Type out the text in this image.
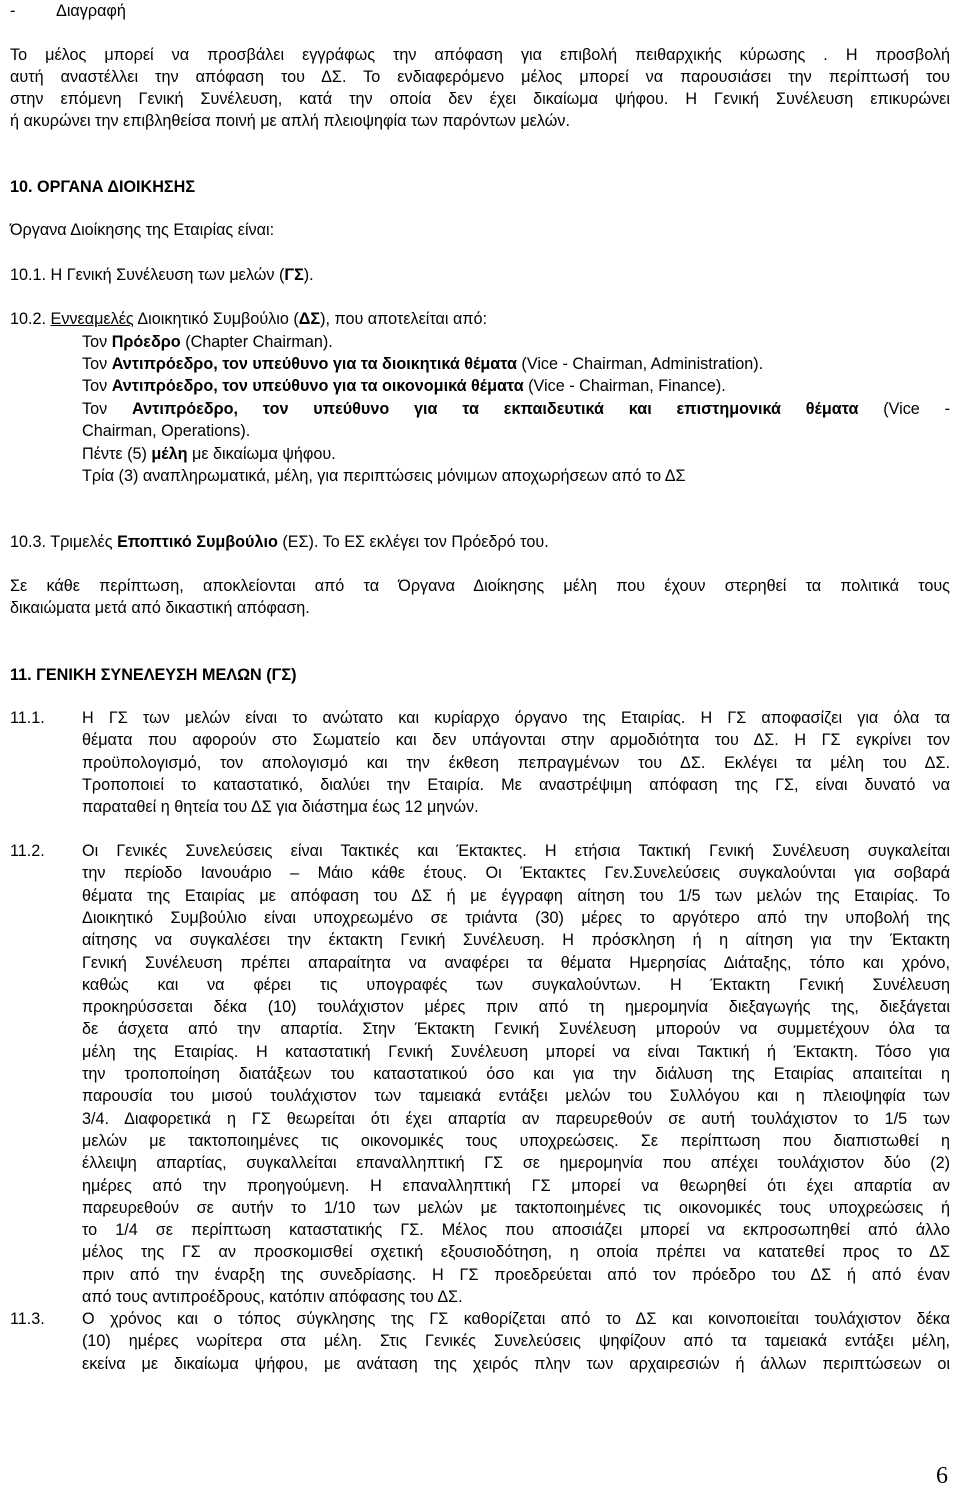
-	Διαγραφή
Το μέλος μπορεί να προσβάλει εγγράφως την απόφαση για επιβολή πειθαρχικής κύρωσης . Η προσβολή
αυτή αναστέλλει την απόφαση του ΔΣ. Το ενδιαφερόμενο μέλος μπορεί να παρουσιάσει την περίπτωσή του
στην επόμενη Γενική Συνέλευση, κατά την οποία δεν έχει δικαίωμα ψήφου. Η Γενική Συνέλευση επικυρώνει
ή ακυρώνει την επιβληθείσα ποινή με απλή πλειοψηφία των παρόντων μελών.
10. ΟΡΓΑΝΑ ΔΙΟΙΚΗΣΗΣ
Όργανα Διοίκησης της Εταιρίας είναι:
10.1. Η Γενική Συνέλευση των μελών (ΓΣ).
10.2. Εννεαμελές Διοικητικό Συμβούλιο (ΔΣ), που αποτελείται από:
Τον Πρόεδρο (Chapter Chairman).
Τον Αντιπρόεδρο, τον υπεύθυνο για τα διοικητικά θέματα (Vice - Chairman, Administration).
Τον Αντιπρόεδρο, τον υπεύθυνο για τα οικονομικά θέματα (Vice - Chairman, Finance).
Τον Αντιπρόεδρο, τον υπεύθυνο για τα εκπαιδευτικά και επιστημονικά θέματα (Vice -
Chairman, Operations).
Πέντε (5) μέλη με δικαίωμα ψήφου.
Τρία (3) αναπληρωματικά, μέλη, για περιπτώσεις μόνιμων αποχωρήσεων από το ΔΣ
10.3. Τριμελές Εποπτικό Συμβούλιο (ΕΣ). Το ΕΣ εκλέγει τον Πρόεδρό του.
Σε κάθε περίπτωση, αποκλείονται από τα Όργανα Διοίκησης μέλη που έχουν στερηθεί τα πολιτικά τους
δικαιώματα μετά από δικαστική απόφαση.
11. ΓΕΝΙΚΗ ΣΥΝΕΛΕΥΣΗ ΜΕΛΩΝ (ΓΣ)
11.1.	Η ΓΣ των μελών είναι το ανώτατο και κυρίαρχο όργανο της Εταιρίας. Η ΓΣ αποφασίζει για όλα τα
θέματα που αφορούν στο Σωματείο και δεν υπάγονται στην αρμοδιότητα του ΔΣ. Η ΓΣ εγκρίνει τον
προϋπολογισμό, τον απολογισμό και την έκθεση πεπραγμένων του ΔΣ. Εκλέγει τα μέλη του ΔΣ.
Τροποποιεί το καταστατικό, διαλύει την Εταιρία. Με αναστρέψιμη απόφαση της ΓΣ, είναι δυνατό να
παραταθεί η θητεία του ΔΣ για διάστημα έως 12 μηνών.
11.2.	Οι Γενικές Συνελεύσεις είναι Τακτικές και Έκτακτες. Η ετήσια Τακτική Γενική Συνέλευση συγκαλείται
την περίοδο Ιανουάριο – Μάιο κάθε έτους. Οι Έκτακτες Γεν.Συνελεύσεις συγκαλούνται για σοβαρά
θέματα της Εταιρίας με απόφαση του ΔΣ ή με έγγραφη αίτηση του 1/5 των μελών της Εταιρίας. Το
Διοικητικό Συμβούλιο είναι υποχρεωμένο σε τριάντα (30) μέρες το αργότερο από την υποβολή της
αίτησης να συγκαλέσει την έκτακτη Γενική Συνέλευση. Η πρόσκληση ή η αίτηση για την Έκτακτη
Γενική Συνέλευση πρέπει απαραίτητα να αναφέρει τα θέματα Ημερησίας Διάταξης, τόπο και χρόνο,
καθώς και να φέρει τις υπογραφές των συγκαλούντων. Η Έκτακτη Γενική Συνέλευση
προκηρύσσεται δέκα (10) τουλάχιστον μέρες πριν από τη ημερομηνία διεξαγωγής της, διεξάγεται
δε άσχετα από την απαρτία. Στην Έκτακτη Γενική Συνέλευση μπορούν να συμμετέχουν όλα τα
μέλη της Εταιρίας. Η καταστατική Γενική Συνέλευση μπορεί να είναι Τακτική ή Έκτακτη. Τόσο για
την τροποποίηση διατάξεων του καταστατικού όσο και για την διάλυση της Εταιρίας απαιτείται η
παρουσία του μισού τουλάχιστον των ταμειακά εντάξει μελών του Συλλόγου και η πλειοψηφία των
3/4. Διαφορετικά η ΓΣ θεωρείται ότι έχει απαρτία αν παρευρεθούν σε αυτή τουλάχιστον το 1/5 των
μελών με τακτοποιημένες τις οικονομικές τους υποχρεώσεις. Σε περίπτωση που διαπιστωθεί η
έλλειψη απαρτίας, συγκαλλείται επαναλληπτική ΓΣ σε ημερομηνία που απέχει τουλάχιστον δύο (2)
ημέρες από την προηγούμενη. Η επαναλληπτική ΓΣ μπορεί να θεωρηθεί ότι έχει απαρτία αν
παρευρεθούν σε αυτήν το 1/10 των μελών με τακτοποιημένες τις οικονομικές τους υποχρεώσεις ή
το 1/4 σε περίπτωση καταστατικής ΓΣ. Μέλος που αποσιάζει μπορεί να εκπροσωπηθεί από άλλο
μέλος της ΓΣ αν προσκομισθεί σχετική εξουσιοδότηση, η οποία πρέπει να κατατεθεί προς το ΔΣ
πριν από την έναρξη της συνεδρίασης. Η ΓΣ προεδρεύεται από τον πρόεδρο του ΔΣ ή από έναν
από τους αντιπροέδρους, κατόπιν απόφασης του ΔΣ.
11.3.	Ο χρόνος και ο τόπος σύγκλησης της ΓΣ καθορίζεται από το ΔΣ και κοινοποιείται τουλάχιστον δέκα
(10) ημέρες νωρίτερα στα μέλη. Στις Γενικές Συνελεύσεις ψηφίζουν από τα ταμειακά εντάξει μέλη,
εκείνα με δικαίωμα ψήφου, με ανάταση της χειρός πλην των αρχαιρεσιών ή άλλων περιπτώσεων οι
6
